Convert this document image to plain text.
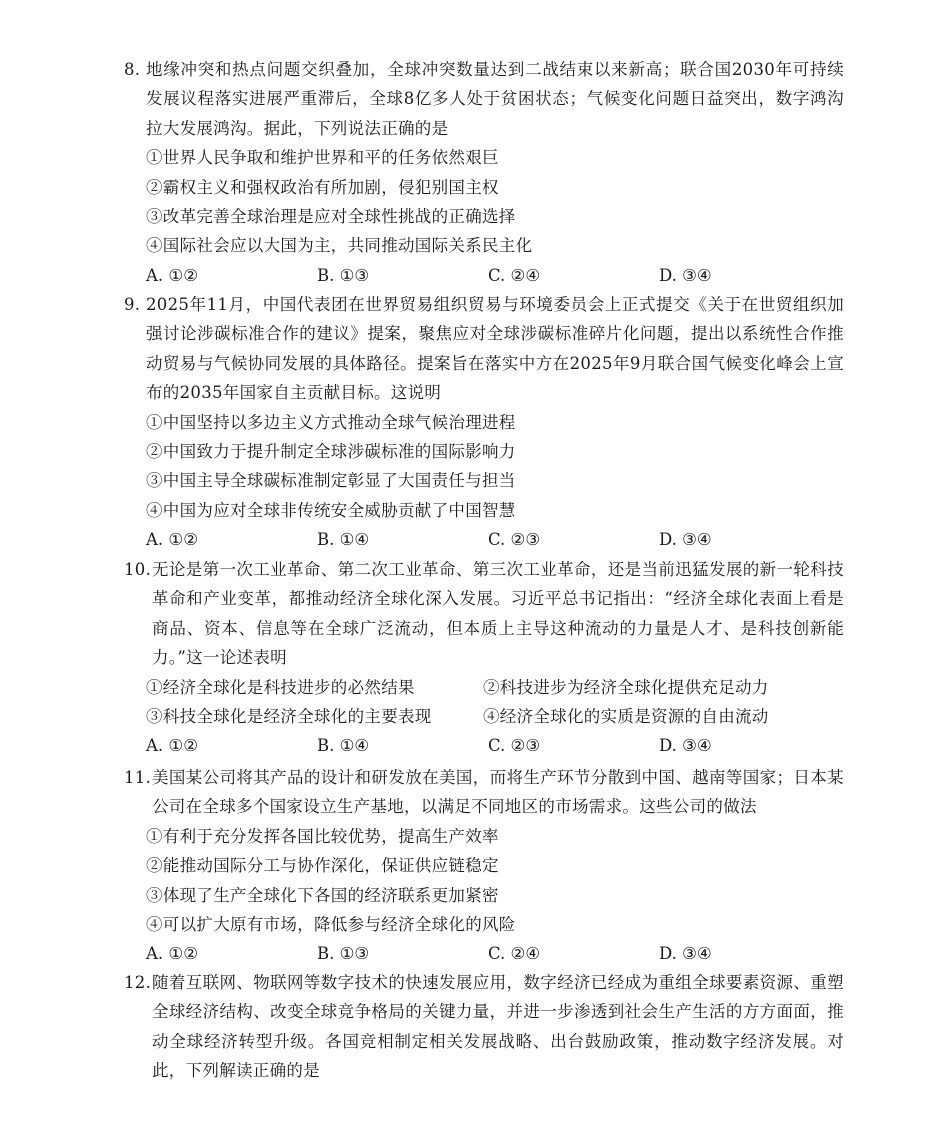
8. 地缘冲突和热点问题交织叠加，全球冲突数量达到二战结束以来新高；联合国2030年可持续发展议程落实进展严重滞后，全球8亿多人处于贫困状态；气候变化问题日益突出，数字鸿沟拉大发展鸿沟。据此，下列说法正确的是
①世界人民争取和维护世界和平的任务依然艰巨
②霸权主义和强权政治有所加剧，侵犯别国主权
③改革完善全球治理是应对全球性挑战的正确选择
④国际社会应以大国为主，共同推动国际关系民主化
A. ①②	B. ①③	C. ②④	D. ③④
9. 2025年11月，中国代表团在世界贸易组织贸易与环境委员会上正式提交《关于在世贸组织加强讨论涉碳标准合作的建议》提案，聚焦应对全球涉碳标准碎片化问题，提出以系统性合作推动贸易与气候协同发展的具体路径。提案旨在落实中方在2025年9月联合国气候变化峰会上宣布的2035年国家自主贡献目标。这说明
①中国坚持以多边主义方式推动全球气候治理进程
②中国致力于提升制定全球涉碳标准的国际影响力
③中国主导全球碳标准制定彰显了大国责任与担当
④中国为应对全球非传统安全威胁贡献了中国智慧
A. ①②	B. ①④	C. ②③	D. ③④
10. 无论是第一次工业革命、第二次工业革命、第三次工业革命，还是当前迅猛发展的新一轮科技革命和产业变革，都推动经济全球化深入发展。习近平总书记指出：“经济全球化表面上看是商品、资本、信息等在全球广泛流动，但本质上主导这种流动的力量是人才、是科技创新能力。”这一论述表明
①经济全球化是科技进步的必然结果	②科技进步为经济全球化提供充足动力
③科技全球化是经济全球化的主要表现	④经济全球化的实质是资源的自由流动
A. ①②	B. ①④	C. ②③	D. ③④
11. 美国某公司将其产品的设计和研发放在美国，而将生产环节分散到中国、越南等国家；日本某公司在全球多个国家设立生产基地，以满足不同地区的市场需求。这些公司的做法
①有利于充分发挥各国比较优势，提高生产效率
②能推动国际分工与协作深化，保证供应链稳定
③体现了生产全球化下各国的经济联系更加紧密
④可以扩大原有市场，降低参与经济全球化的风险
A. ①②	B. ①③	C. ②④	D. ③④
12. 随着互联网、物联网等数字技术的快速发展应用，数字经济已经成为重组全球要素资源、重塑全球经济结构、改变全球竞争格局的关键力量，并进一步渗透到社会生产生活的方方面面，推动全球经济转型升级。各国竞相制定相关发展战略、出台鼓励政策，推动数字经济发展。对此，下列解读正确的是
